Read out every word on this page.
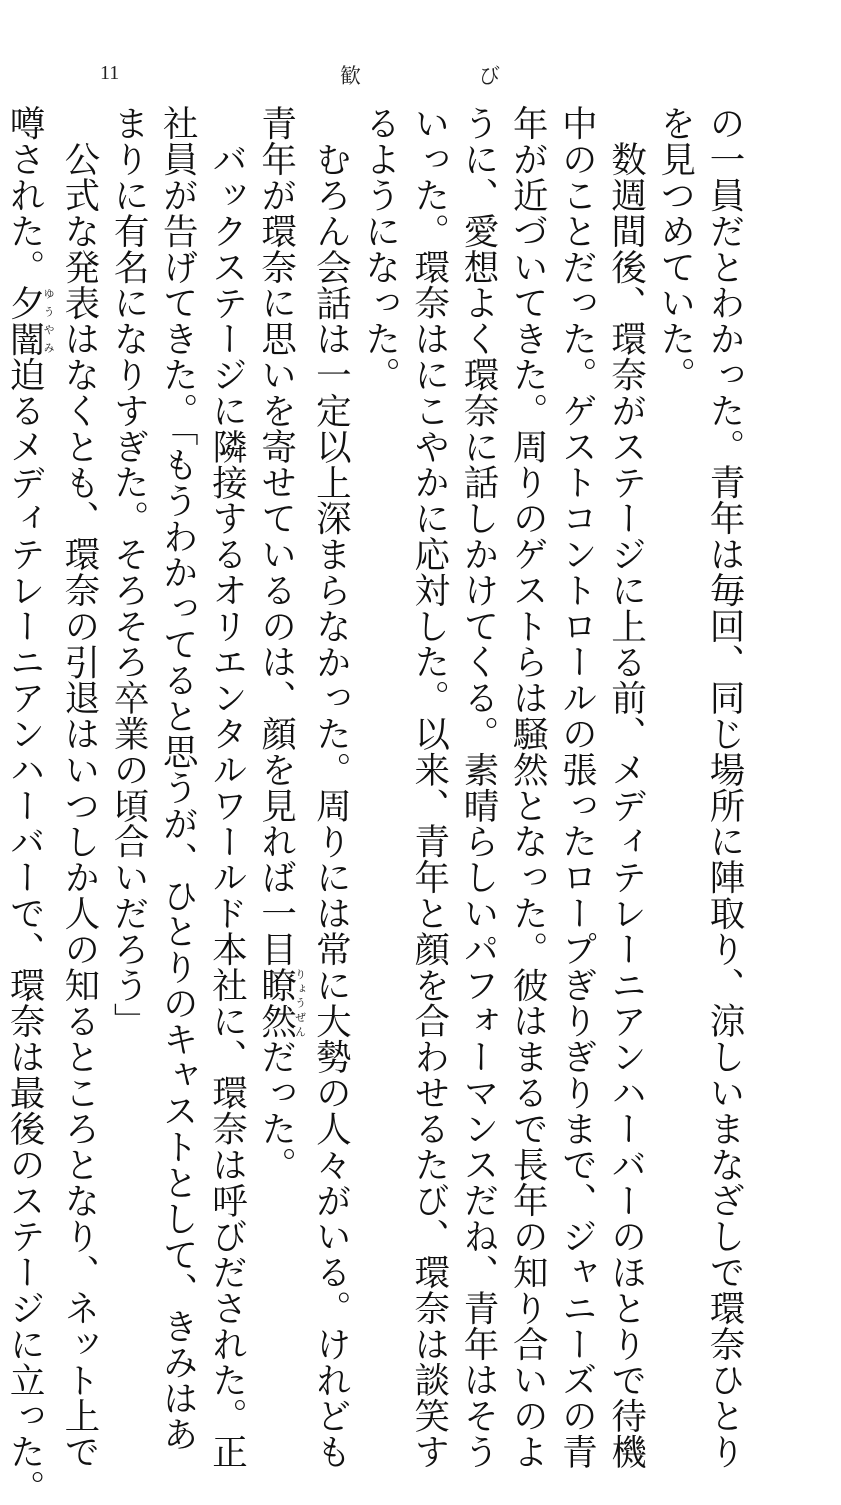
11	歓	び
の一員だとわかった。青年は毎回、同じ場所に陣取り、涼しいまなざしで環奈ひとり
を見つめていた。
数週間後、環奈がステージに上る前、メディテレーニアンハーバーのほとりで待機
中のことだった。ゲストコントロールの張ったロープぎりぎりまで、ジャニーズの青
年が近づいてきた。周りのゲストらは騒然となった。彼はまるで長年の知り合いのよ
うに、愛想よく環奈に話しかけてくる。素晴らしいパフォーマンスだね、青年はそう
いった。環奈はにこやかに応対した。以来、青年と顔を合わせるたび、環奈は談笑す
るようになった。
むろん会話は一定以上深まらなかった。周りには常に大勢の人々がいる。けれども
青年が環奈に思いを寄せているのは、顔を見れば一目瞭然りょうぜんだった。
バックステージに隣接するオリエンタルワールド本社に、環奈は呼びだされた。正
社員が告げてきた。「もうわかってると思うが、ひとりのキャストとして、きみはあ
まりに有名になりすぎた。そろそろ卒業の頃合いだろう」
公式な発表はなくとも、環奈の引退はいつしか人の知るところとなり、ネット上で
噂された。夕闇ゆうやみ迫るメディテレーニアンハーバーで、環奈は最後のステージに立った。
